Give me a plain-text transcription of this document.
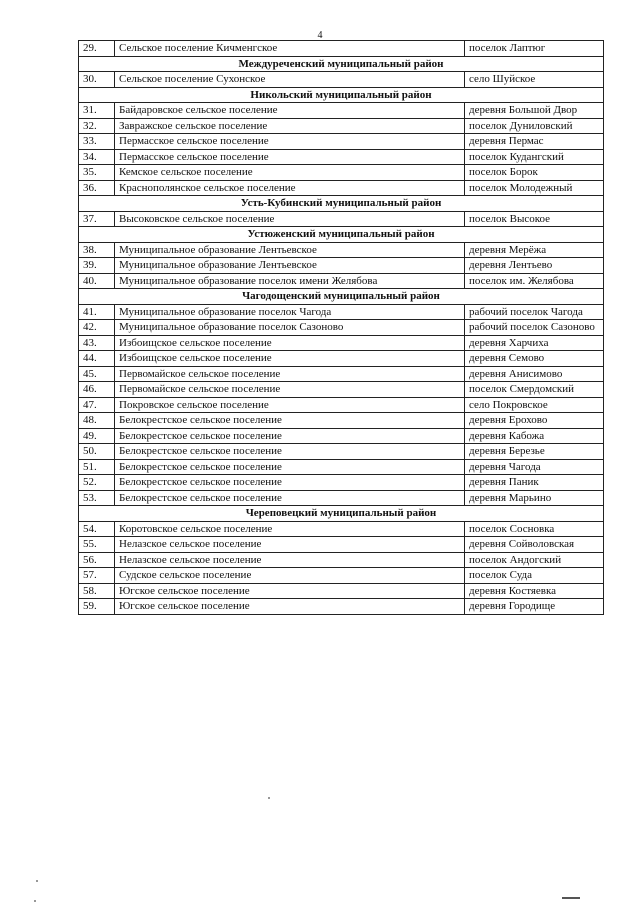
4
29.	Сельское поселение Кичменгское	поселок Лаптюг
Междуреченский муниципальный район		
30.	Сельское поселение Сухонское	село Шуйское
Никольский муниципальный район		
31.	Байдаровское сельское поселение	деревня Большой Двор
32.	Завражское сельское поселение	поселок Дуниловский
33.	Пермасское сельское поселение	деревня Пермас
34.	Пермасское сельское поселение	поселок Кудангский
35.	Кемское сельское поселение	поселок Борок
36.	Краснополянское сельское поселение	поселок Молодежный
Усть-Кубинский муниципальный район		
37.	Высоковское сельское поселение	поселок Высокое
Устюженский муниципальный район		
38.	Муниципальное образование Лентьевское	деревня Мерёжа
39.	Муниципальное образование Лентьевское	деревня Лентьево
40.	Муниципальное образование поселок имени Желябова	поселок им. Желябова
Чагодощенский муниципальный район		
41.	Муниципальное образование поселок Чагода	рабочий поселок Чагода
42.	Муниципальное образование поселок Сазоново	рабочий поселок Сазоново
43.	Избоищское сельское поселение	деревня Харчиха
44.	Избоищское сельское поселение	деревня Семово
45.	Первомайское сельское поселение	деревня Анисимово
46.	Первомайское сельское поселение	поселок Смердомский
47.	Покровское сельское поселение	село Покровское
48.	Белокрестское сельское поселение	деревня Ерохово
49.	Белокрестское сельское поселение	деревня Кабожа
50.	Белокрестское сельское поселение	деревня Березье
51.	Белокрестское сельское поселение	деревня Чагода
52.	Белокрестское сельское поселение	деревня Паник
53.	Белокрестское сельское поселение	деревня Марьино
Череповецкий муниципальный район		
54.	Коротовское сельское поселение	поселок Сосновка
55.	Нелазское сельское поселение	деревня Сойволовская
56.	Нелазское сельское поселение	поселок Андогский
57.	Судское сельское поселение	поселок Суда
58.	Югское сельское поселение	деревня Костяевка
59.	Югское сельское поселение	деревня Городище
